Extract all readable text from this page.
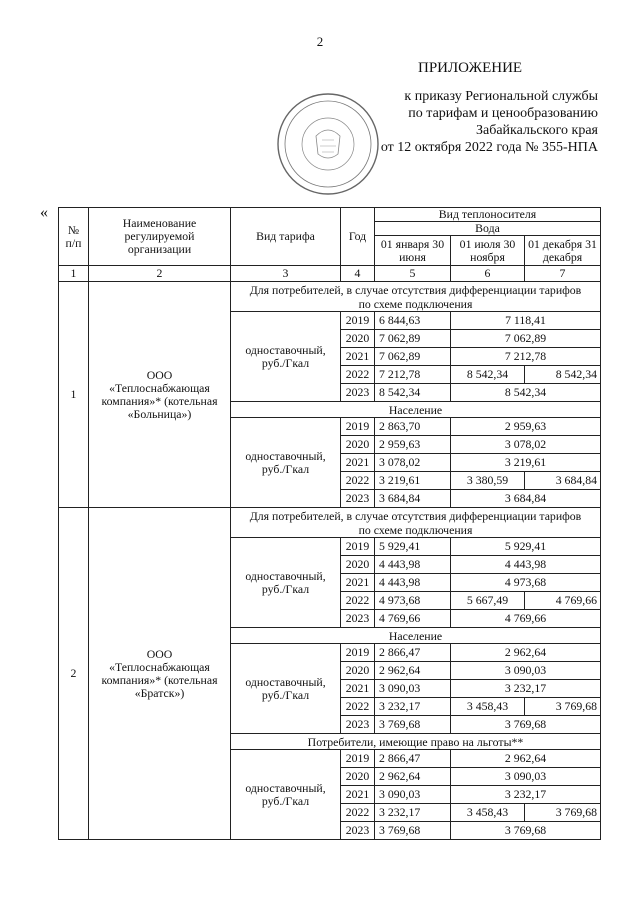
2
ПРИЛОЖЕНИЕ
к приказу Региональной службы
по тарифам и ценообразованию
Забайкальского края
от 12 октября 2022 года № 355-НПА
«
№ п/п	Наименование регулируемой организации	Вид тарифа	Год	Вид теплоносителя		
				Вода		
				01 января 30 июня	01 июля 30 ноября	01 декабря 31 декабря
1	2	3	4	5	6	7
1	ООО «Теплоснабжающая компания»* (котельная «Больница»)	Для потребителей, в случае отсутствия дифференциации тарифов по схеме подключения				
		одноставочный, руб./Гкал	2019	6 844,63	7 118,41	
			2020	7 062,89	7 062,89	
			2021	7 062,89	7 212,78	
			2022	7 212,78	8 542,34	8 542,34
			2023	8 542,34	8 542,34	
		Население				
		одноставочный, руб./Гкал	2019	2 863,70	2 959,63	
			2020	2 959,63	3 078,02	
			2021	3 078,02	3 219,61	
			2022	3 219,61	3 380,59	3 684,84
			2023	3 684,84	3 684,84	
2	ООО «Теплоснабжающая компания»* (котельная «Братск»)	Для потребителей, в случае отсутствия дифференциации тарифов по схеме подключения				
		одноставочный, руб./Гкал	2019	5 929,41	5 929,41	
			2020	4 443,98	4 443,98	
			2021	4 443,98	4 973,68	
			2022	4 973,68	5 667,49	4 769,66
			2023	4 769,66	4 769,66	
		Население				
		одноставочный, руб./Гкал	2019	2 866,47	2 962,64	
			2020	2 962,64	3 090,03	
			2021	3 090,03	3 232,17	
			2022	3 232,17	3 458,43	3 769,68
			2023	3 769,68	3 769,68	
		Потребители, имеющие право на льготы**				
		одноставочный, руб./Гкал	2019	2 866,47	2 962,64	
			2020	2 962,64	3 090,03	
			2021	3 090,03	3 232,17	
			2022	3 232,17	3 458,43	3 769,68
			2023	3 769,68	3 769,68	
